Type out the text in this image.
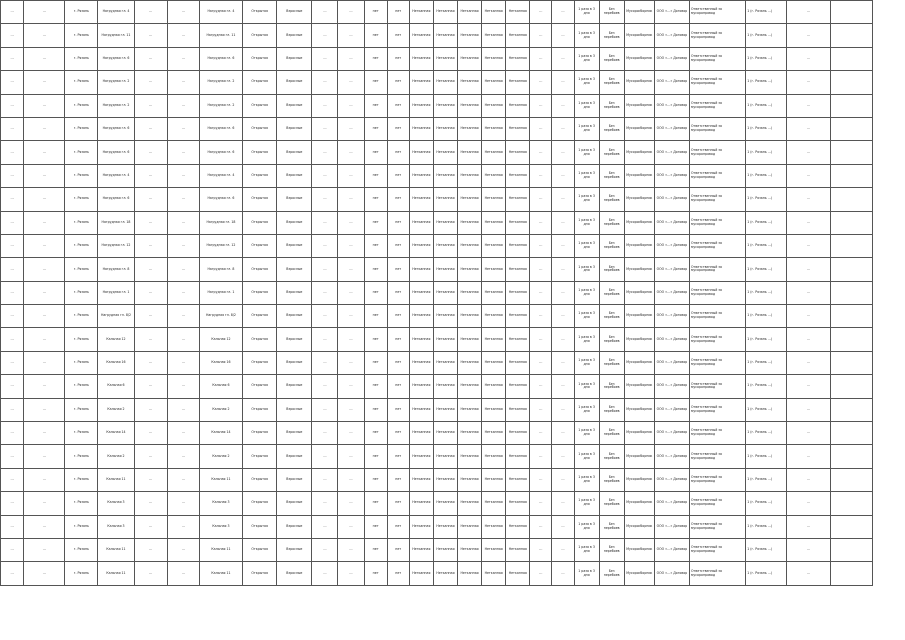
…	…	г. Рязань	Нагрудная гл. 4	…	…	Нагрудная гл. 4	Открытая	Взрослые	…	…	нет	нет	Нетканная	Нетканная	Нетканная	Нетканная	Нетканная	…	…	1 раза в 3 дня	Без перебоев	Мусоросборник	ООО «…» Договор	Ответственный за мусоропровод	1 (г. Рязань …)	…	
…	…	г. Рязань	Нагрудная гл. 11	…	…	Нагрудная гл. 11	Открытая	Взрослые	…	…	нет	нет	Нетканная	Нетканная	Нетканная	Нетканная	Нетканная	…	…	1 раза в 3 дня	Без перебоев	Мусоросборник	ООО «…» Договор	Ответственный за мусоропровод	1 (г. Рязань …)	…	
…	…	г. Рязань	Нагрудная гл. 6	…	…	Нагрудная гл. 6	Открытая	Взрослые	…	…	нет	нет	Нетканная	Нетканная	Нетканная	Нетканная	Нетканная	…	…	1 раза в 3 дня	Без перебоев	Мусоросборник	ООО «…» Договор	Ответственный за мусоропровод	1 (г. Рязань …)	…	
…	…	г. Рязань	Нагрудная гл. 2	…	…	Нагрудная гл. 2	Открытая	Взрослые	…	…	нет	нет	Нетканная	Нетканная	Нетканная	Нетканная	Нетканная	…	…	1 раза в 3 дня	Без перебоев	Мусоросборник	ООО «…» Договор	Ответственный за мусоропровод	1 (г. Рязань …)	…	
…	…	г. Рязань	Нагрудная гл. 2	…	…	Нагрудная гл. 2	Открытая	Взрослые	…	…	нет	нет	Нетканная	Нетканная	Нетканная	Нетканная	Нетканная	…	…	1 раза в 3 дня	Без перебоев	Мусоросборник	ООО «…» Договор	Ответственный за мусоропровод	1 (г. Рязань …)	…	
…	…	г. Рязань	Нагрудная гл. 6	…	…	Нагрудная гл. 6	Открытая	Взрослые	…	…	нет	нет	Нетканная	Нетканная	Нетканная	Нетканная	Нетканная	…	…	1 раза в 3 дня	Без перебоев	Мусоросборник	ООО «…» Договор	Ответственный за мусоропровод	1 (г. Рязань …)	…	
…	…	г. Рязань	Нагрудная гл. 6	…	…	Нагрудная гл. 6	Открытая	Взрослые	…	…	нет	нет	Нетканная	Нетканная	Нетканная	Нетканная	Нетканная	…	…	1 раза в 3 дня	Без перебоев	Мусоросборник	ООО «…» Договор	Ответственный за мусоропровод	1 (г. Рязань …)	…	
…	…	г. Рязань	Нагрудная гл. 4	…	…	Нагрудная гл. 4	Открытая	Взрослые	…	…	нет	нет	Нетканная	Нетканная	Нетканная	Нетканная	Нетканная	…	…	1 раза в 3 дня	Без перебоев	Мусоросборник	ООО «…» Договор	Ответственный за мусоропровод	1 (г. Рязань …)	…	
…	…	г. Рязань	Нагрудная гл. 6	…	…	Нагрудная гл. 6	Открытая	Взрослые	…	…	нет	нет	Нетканная	Нетканная	Нетканная	Нетканная	Нетканная	…	…	1 раза в 3 дня	Без перебоев	Мусоросборник	ООО «…» Договор	Ответственный за мусоропровод	1 (г. Рязань …)	…	
…	…	г. Рязань	Нагрудная гл. 18	…	…	Нагрудная гл. 18	Открытая	Взрослые	…	…	нет	нет	Нетканная	Нетканная	Нетканная	Нетканная	Нетканная	…	…	1 раза в 3 дня	Без перебоев	Мусоросборник	ООО «…» Договор	Ответственный за мусоропровод	1 (г. Рязань …)	…	
…	…	г. Рязань	Нагрудная гл. 12	…	…	Нагрудная гл. 12	Открытая	Взрослые	…	…	нет	нет	Нетканная	Нетканная	Нетканная	Нетканная	Нетканная	…	…	1 раза в 3 дня	Без перебоев	Мусоросборник	ООО «…» Договор	Ответственный за мусоропровод	1 (г. Рязань …)	…	
…	…	г. Рязань	Нагрудная гл. 8	…	…	Нагрудная гл. 8	Открытая	Взрослые	…	…	нет	нет	Нетканная	Нетканная	Нетканная	Нетканная	Нетканная	…	…	1 раза в 3 дня	Без перебоев	Мусоросборник	ООО «…» Договор	Ответственный за мусоропровод	1 (г. Рязань …)	…	
…	…	г. Рязань	Нагрудная гл. 1	…	…	Нагрудная гл. 1	Открытая	Взрослые	…	…	нет	нет	Нетканная	Нетканная	Нетканная	Нетканная	Нетканная	…	…	1 раза в 3 дня	Без перебоев	Мусоросборник	ООО «…» Договор	Ответственный за мусоропровод	1 (г. Рязань …)	…	
…	…	г. Рязань	Нагрудная гл. 8/2	…	…	Нагрудная гл. 8/2	Открытая	Взрослые	…	…	нет	нет	Нетканная	Нетканная	Нетканная	Нетканная	Нетканная	…	…	1 раза в 3 дня	Без перебоев	Мусоросборник	ООО «…» Договор	Ответственный за мусоропровод	1 (г. Рязань …)	…	
…	…	г. Рязань	Кальная 12	…	…	Кальная 12	Открытая	Взрослые	…	…	нет	нет	Нетканная	Нетканная	Нетканная	Нетканная	Нетканная	…	…	1 раза в 3 дня	Без перебоев	Мусоросборник	ООО «…» Договор	Ответственный за мусоропровод	1 (г. Рязань …)	…	
…	…	г. Рязань	Кальная 16	…	…	Кальная 16	Открытая	Взрослые	…	…	нет	нет	Нетканная	Нетканная	Нетканная	Нетканная	Нетканная	…	…	1 раза в 3 дня	Без перебоев	Мусоросборник	ООО «…» Договор	Ответственный за мусоропровод	1 (г. Рязань …)	…	
…	…	г. Рязань	Кальная 6	…	…	Кальная 6	Открытая	Взрослые	…	…	нет	нет	Нетканная	Нетканная	Нетканная	Нетканная	Нетканная	…	…	1 раза в 3 дня	Без перебоев	Мусоросборник	ООО «…» Договор	Ответственный за мусоропровод	1 (г. Рязань …)	…	
…	…	г. Рязань	Кальная 2	…	…	Кальная 2	Открытая	Взрослые	…	…	нет	нет	Нетканная	Нетканная	Нетканная	Нетканная	Нетканная	…	…	1 раза в 3 дня	Без перебоев	Мусоросборник	ООО «…» Договор	Ответственный за мусоропровод	1 (г. Рязань …)	…	
…	…	г. Рязань	Кальная 14	…	…	Кальная 14	Открытая	Взрослые	…	…	нет	нет	Нетканная	Нетканная	Нетканная	Нетканная	Нетканная	…	…	1 раза в 3 дня	Без перебоев	Мусоросборник	ООО «…» Договор	Ответственный за мусоропровод	1 (г. Рязань …)	…	
…	…	г. Рязань	Кальная 2	…	…	Кальная 2	Открытая	Взрослые	…	…	нет	нет	Нетканная	Нетканная	Нетканная	Нетканная	Нетканная	…	…	1 раза в 3 дня	Без перебоев	Мусоросборник	ООО «…» Договор	Ответственный за мусоропровод	1 (г. Рязань …)	…	
…	…	г. Рязань	Кальная 11	…	…	Кальная 11	Открытая	Взрослые	…	…	нет	нет	Нетканная	Нетканная	Нетканная	Нетканная	Нетканная	…	…	1 раза в 3 дня	Без перебоев	Мусоросборник	ООО «…» Договор	Ответственный за мусоропровод	1 (г. Рязань …)	…	
…	…	г. Рязань	Кальная 3	…	…	Кальная 3	Открытая	Взрослые	…	…	нет	нет	Нетканная	Нетканная	Нетканная	Нетканная	Нетканная	…	…	1 раза в 3 дня	Без перебоев	Мусоросборник	ООО «…» Договор	Ответственный за мусоропровод	1 (г. Рязань …)	…	
…	…	г. Рязань	Кальная 3	…	…	Кальная 3	Открытая	Взрослые	…	…	нет	нет	Нетканная	Нетканная	Нетканная	Нетканная	Нетканная	…	…	1 раза в 3 дня	Без перебоев	Мусоросборник	ООО «…» Договор	Ответственный за мусоропровод	1 (г. Рязань …)	…	
…	…	г. Рязань	Кальная 11	…	…	Кальная 11	Открытая	Взрослые	…	…	нет	нет	Нетканная	Нетканная	Нетканная	Нетканная	Нетканная	…	…	1 раза в 3 дня	Без перебоев	Мусоросборник	ООО «…» Договор	Ответственный за мусоропровод	1 (г. Рязань …)	…	
…	…	г. Рязань	Кальная 11	…	…	Кальная 11	Открытая	Взрослые	…	…	нет	нет	Нетканная	Нетканная	Нетканная	Нетканная	Нетканная	…	…	1 раза в 3 дня	Без перебоев	Мусоросборник	ООО «…» Договор	Ответственный за мусоропровод	1 (г. Рязань …)	…	
